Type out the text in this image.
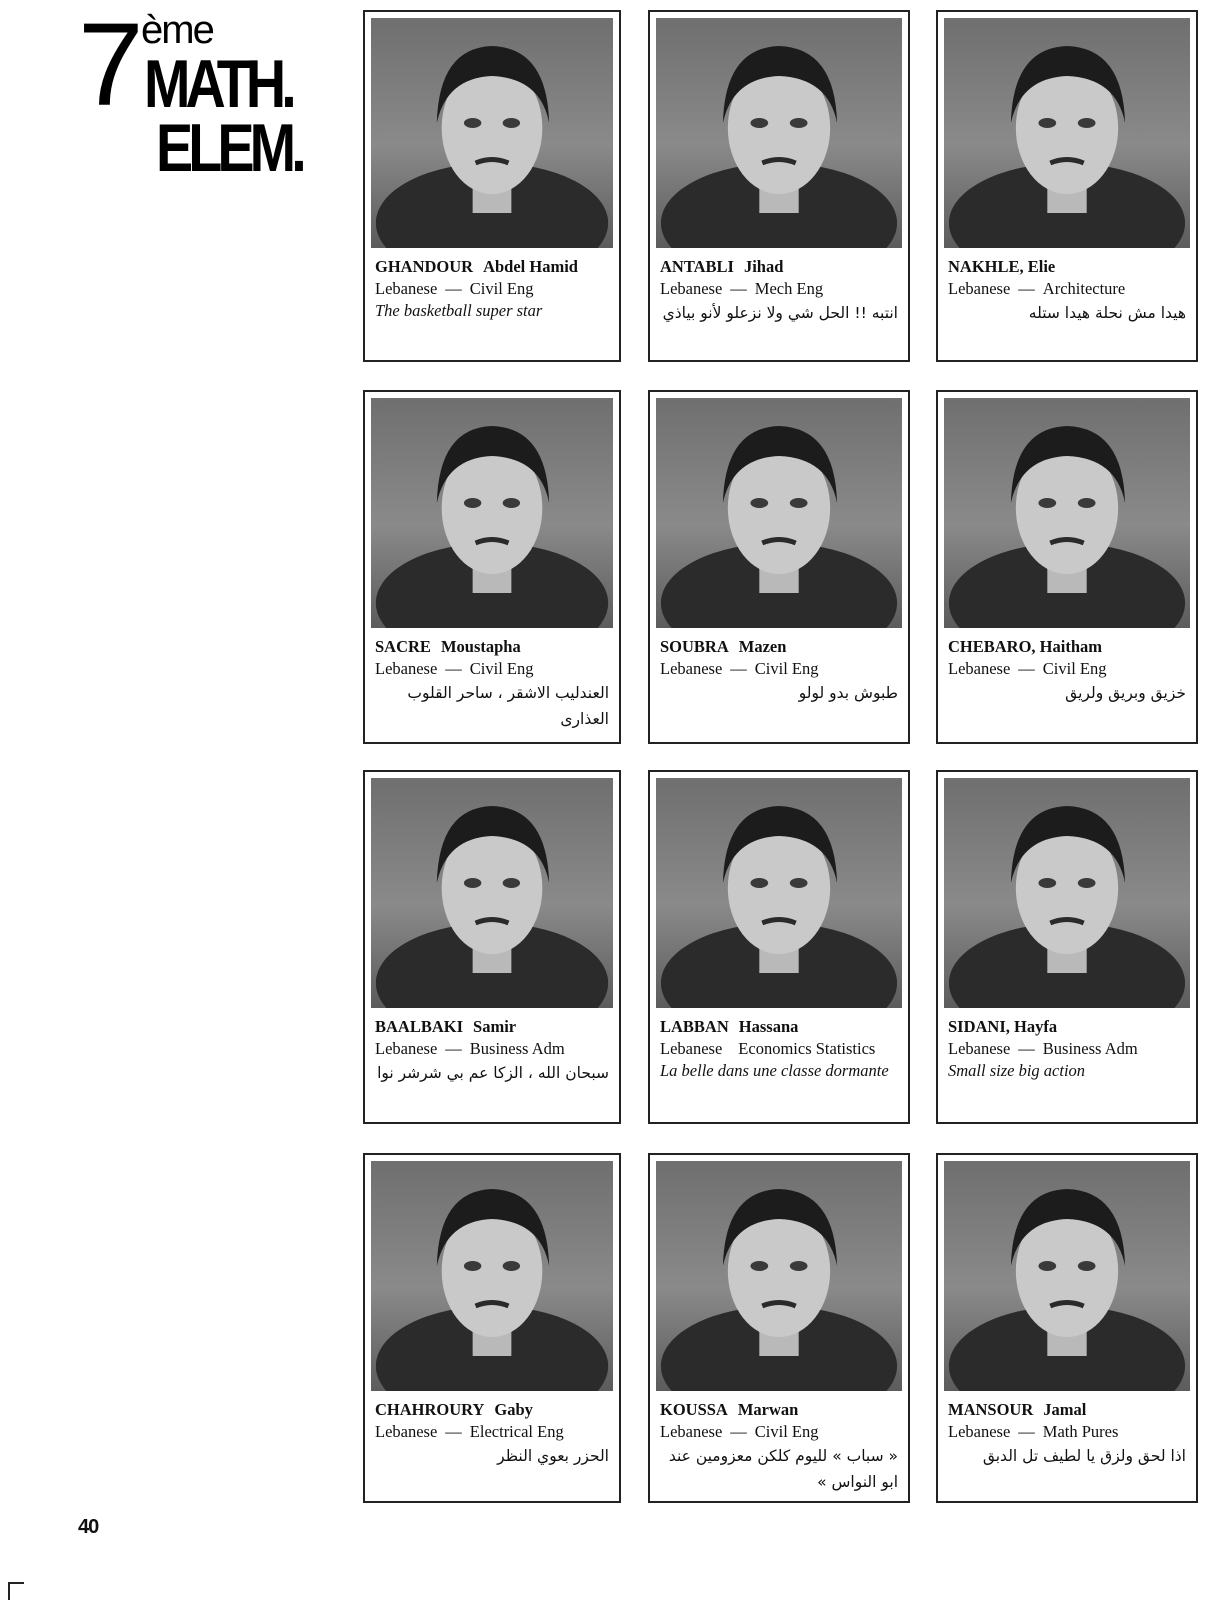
7 ème
MATH.
ELEM.
GHANDOUR Abdel Hamid
Lebanese — Civil Eng
The basketball super star
ANTABLI Jihad
Lebanese — Mech Eng
انتبه !! الحل شي ولا نزعلو لأنو بياذي
NAKHLE, Elie
Lebanese — Architecture
هيدا مش نحلة هيدا ستله
SACRE Moustapha
Lebanese — Civil Eng
العندليب الاشقر ، ساحر القلوب العذارى
SOUBRA Mazen
Lebanese — Civil Eng
طبوش بدو لولو
CHEBARO, Haitham
Lebanese — Civil Eng
خزيق وبريق ولريق
BAALBAKI Samir
Lebanese — Business Adm
سبحان الله ، الزكا عم بي شرشر نوا
LABBAN Hassana
Lebanese Economics Statistics
La belle dans une classe dormante
SIDANI, Hayfa
Lebanese — Business Adm
Small size big action
CHAHROURY Gaby
Lebanese — Electrical Eng
الحزر بعوي النظر
KOUSSA Marwan
Lebanese — Civil Eng
« سباب » لليوم كلكن معزومين عند ابو النواس »
MANSOUR Jamal
Lebanese — Math Pures
اذا لحق ولزق يا لطيف تل الدبق
40
